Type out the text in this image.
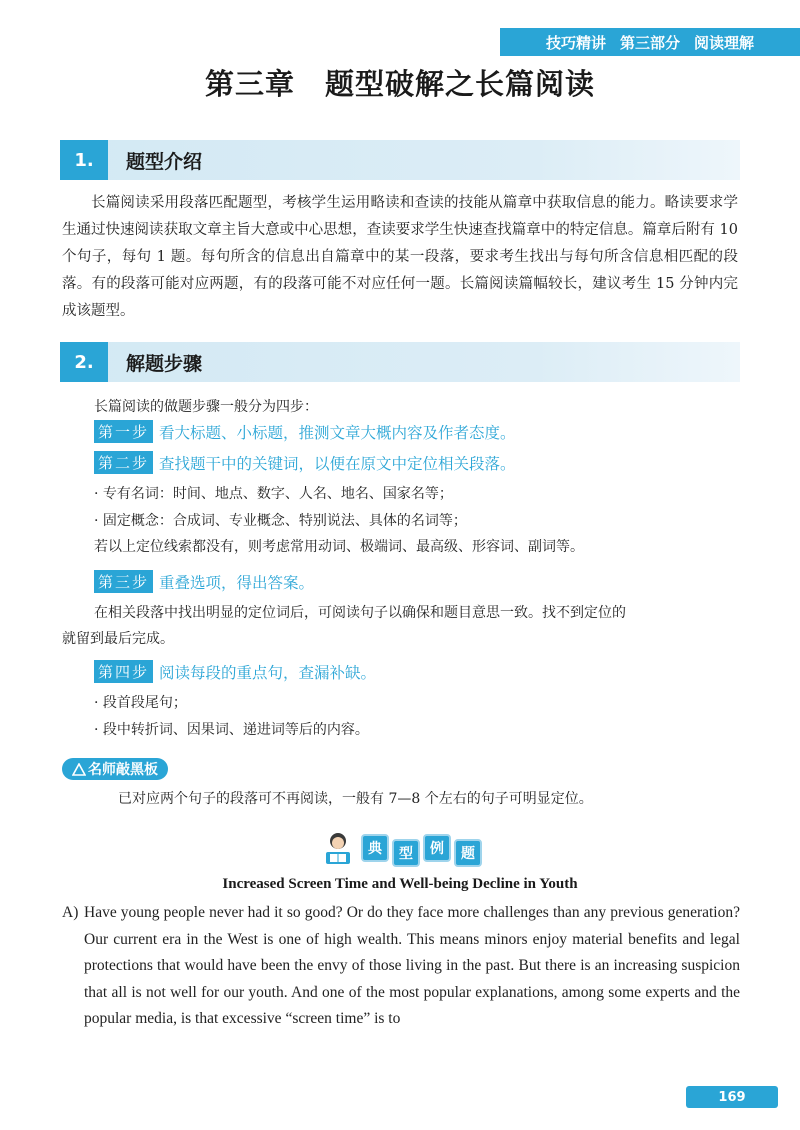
技巧精讲 第三部分 阅读理解
第三章　题型破解之长篇阅读
1.	题型介绍
长篇阅读采用段落匹配题型，考核学生运用略读和查读的技能从篇章中获取信息的能力。略读要求学生通过快速阅读获取文章主旨大意或中心思想，查读要求学生快速查找篇章中的特定信息。篇章后附有 10 个句子，每句 1 题。每句所含的信息出自篇章中的某一段落，要求考生找出与每句所含信息相匹配的段落。有的段落可能对应两题，有的段落可能不对应任何一题。长篇阅读篇幅较长，建议考生 15 分钟内完成该题型。
2.	解题步骤
长篇阅读的做题步骤一般分为四步：
第一步 看大标题、小标题，推测文章大概内容及作者态度。
第二步 查找题干中的关键词，以便在原文中定位相关段落。
· 专有名词：时间、地点、数字、人名、地名、国家名等；
· 固定概念：合成词、专业概念、特别说法、具体的名词等；
若以上定位线索都没有，则考虑常用动词、极端词、最高级、形容词、副词等。
第三步 重叠选项，得出答案。
在相关段落中找出明显的定位词后，可阅读句子以确保和题目意思一致。找不到定位的
就留到最后完成。
第四步 阅读每段的重点句，查漏补缺。
· 段首段尾句；
· 段中转折词、因果词、递进词等后的内容。
名师敲黑板
已对应两个句子的段落可不再阅读，一般有 7—8 个左右的句子可明显定位。
典	型	例	题
Increased Screen Time and Well-being Decline in Youth
A) Have young people never had it so good? Or do they face more challenges than any previous generation? Our current era in the West is one of high wealth. This means minors enjoy material benefits and legal protections that would have been the envy of those living in the past. But there is an increasing suspicion that all is not well for our youth. And one of the most popular explanations, among some experts and the popular media, is that excessive “screen time” is to
169
